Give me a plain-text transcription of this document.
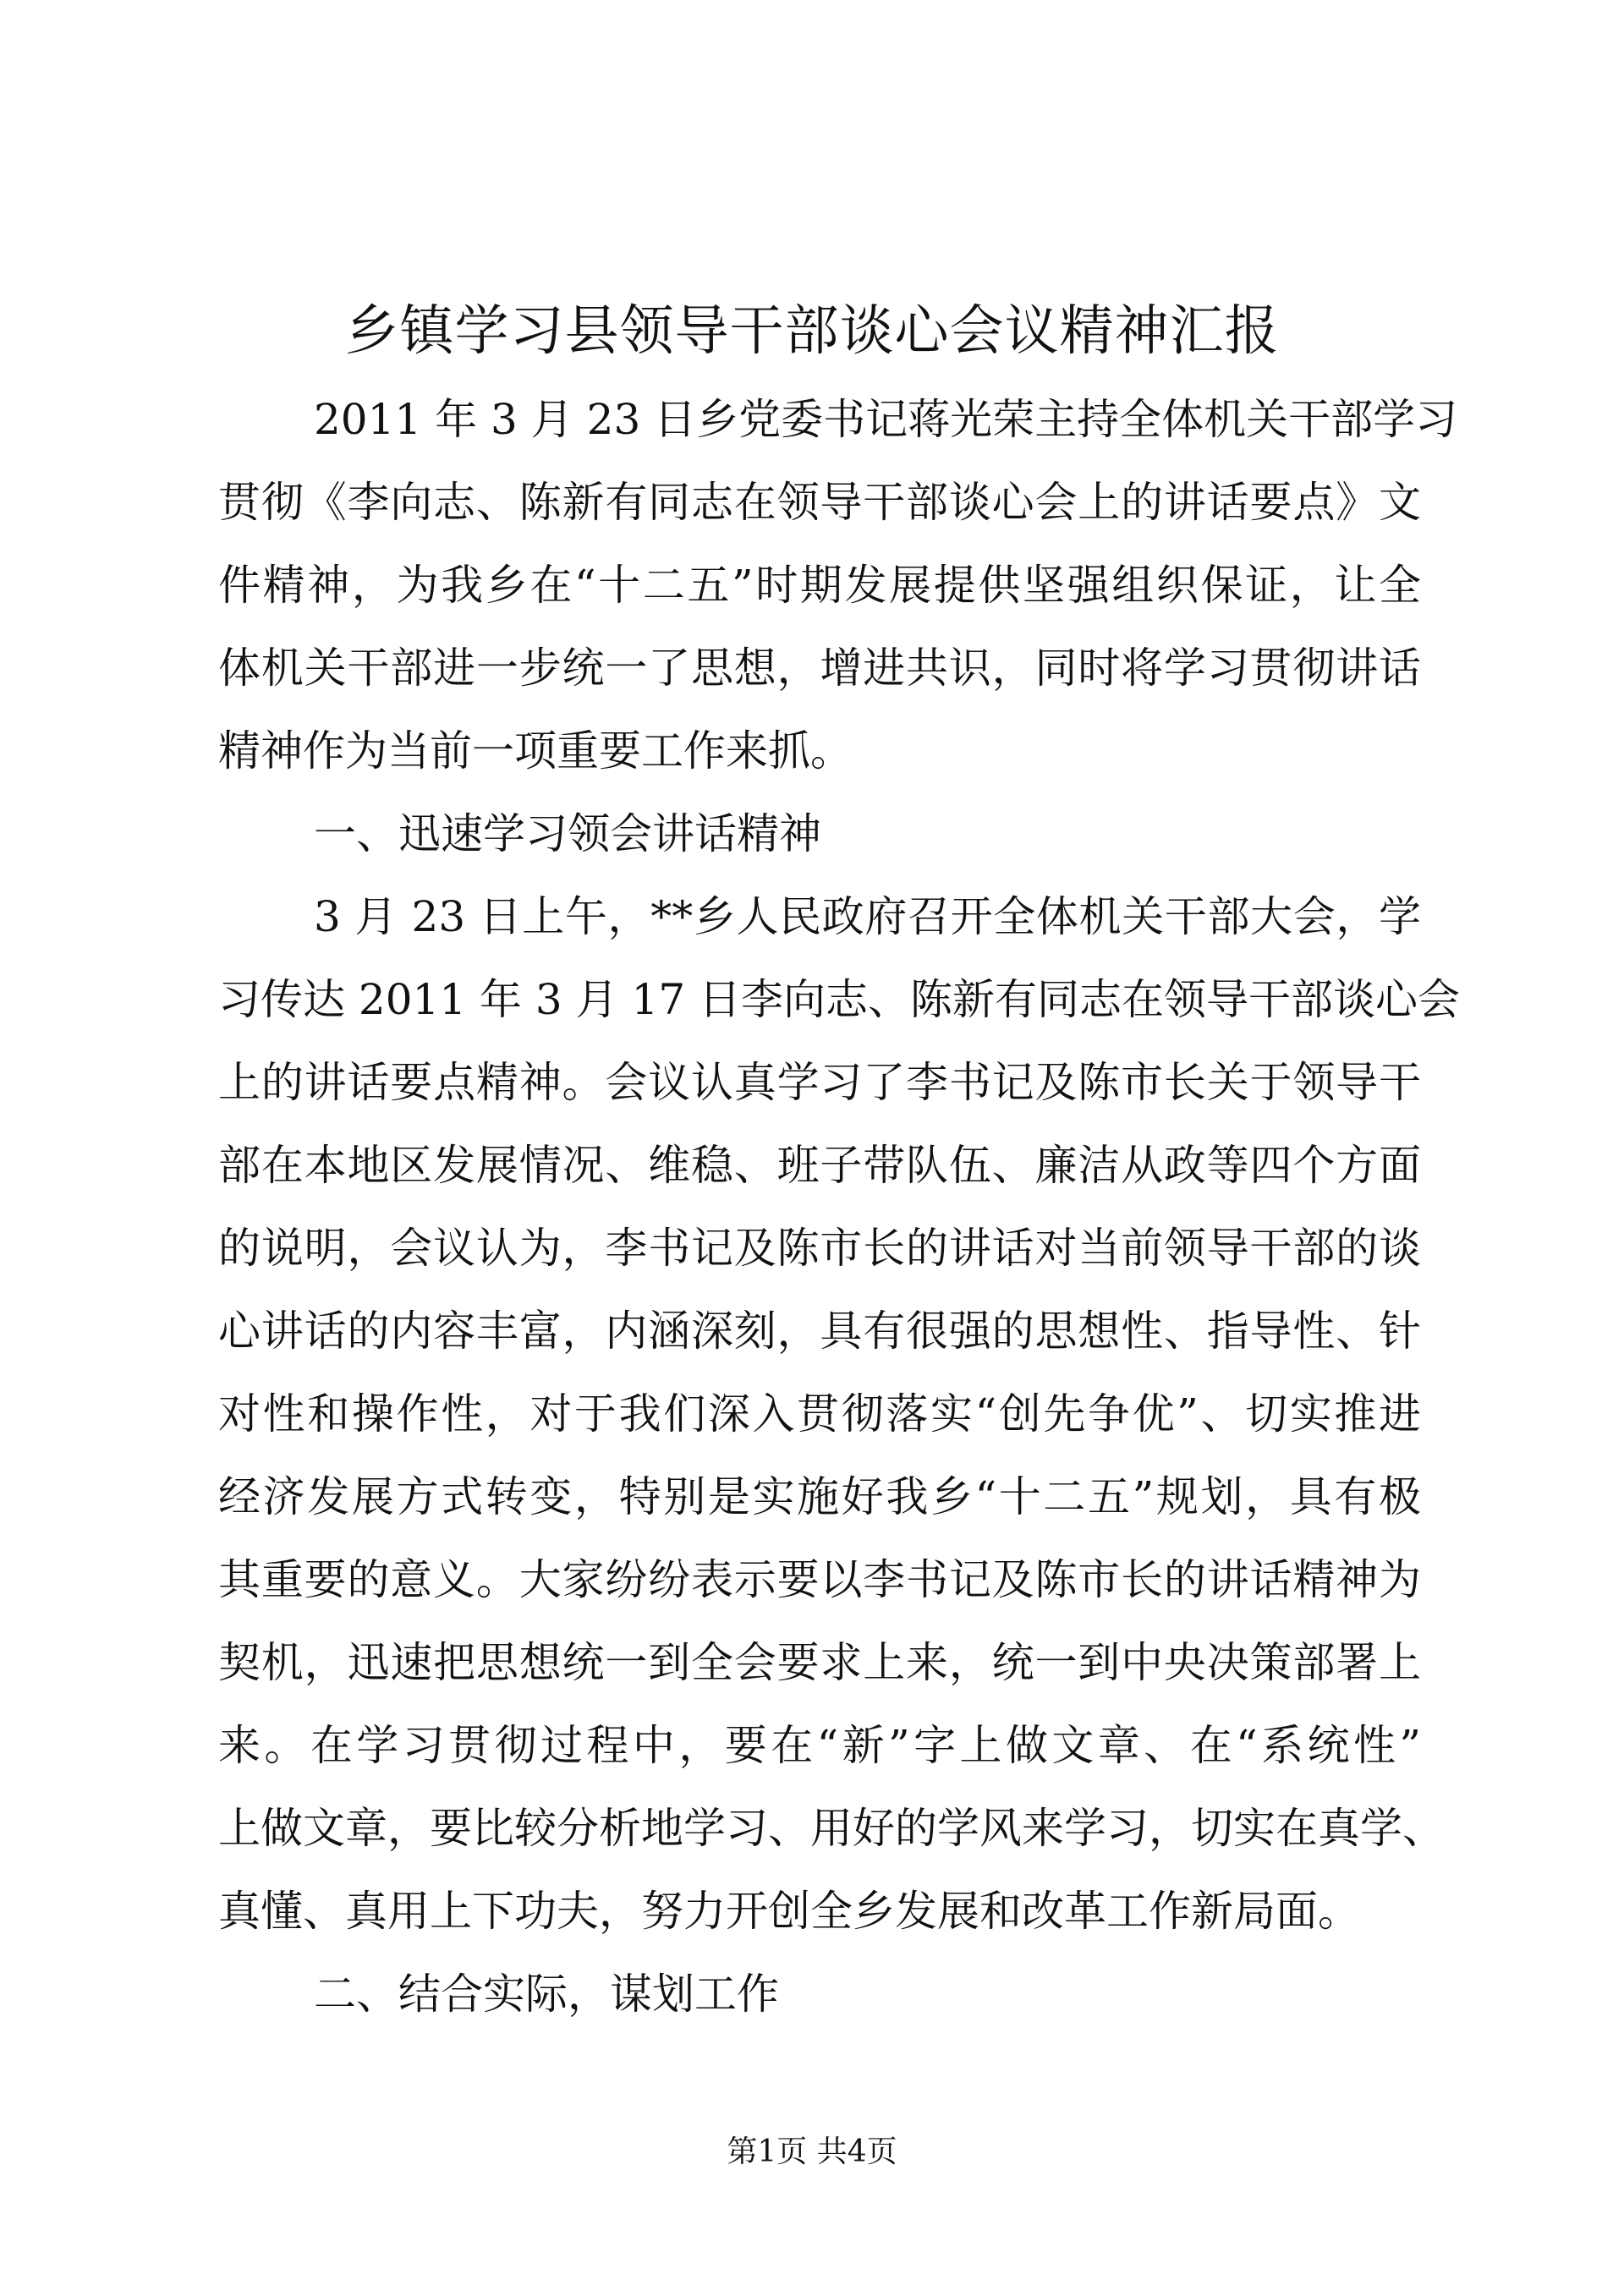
乡镇学习县领导干部谈心会议精神汇报
2011 年 3 月 23 日乡党委书记蒋光荣主持全体机关干部学习
贯彻《李向志、陈新有同志在领导干部谈心会上的讲话要点》文
件精神，为我乡在“十二五”时期发展提供坚强组织保证，让全
体机关干部进一步统一了思想，增进共识，同时将学习贯彻讲话
精神作为当前一项重要工作来抓。
一、迅速学习领会讲话精神
3 月 23 日上午，**乡人民政府召开全体机关干部大会，学
习传达 2011 年 3 月 17 日李向志、陈新有同志在领导干部谈心会
上的讲话要点精神。会议认真学习了李书记及陈市长关于领导干
部在本地区发展情况、维稳、班子带队伍、廉洁从政等四个方面
的说明，会议认为，李书记及陈市长的讲话对当前领导干部的谈
心讲话的内容丰富，内涵深刻，具有很强的思想性、指导性、针
对性和操作性，对于我们深入贯彻落实“创先争优”、切实推进
经济发展方式转变，特别是实施好我乡“十二五”规划，具有极
其重要的意义。大家纷纷表示要以李书记及陈市长的讲话精神为
契机，迅速把思想统一到全会要求上来，统一到中央决策部署上
来。在学习贯彻过程中，要在“新”字上做文章、在“系统性”
上做文章，要比较分析地学习、用好的学风来学习，切实在真学、
真懂、真用上下功夫，努力开创全乡发展和改革工作新局面。
二、结合实际，谋划工作
第1页 共4页
